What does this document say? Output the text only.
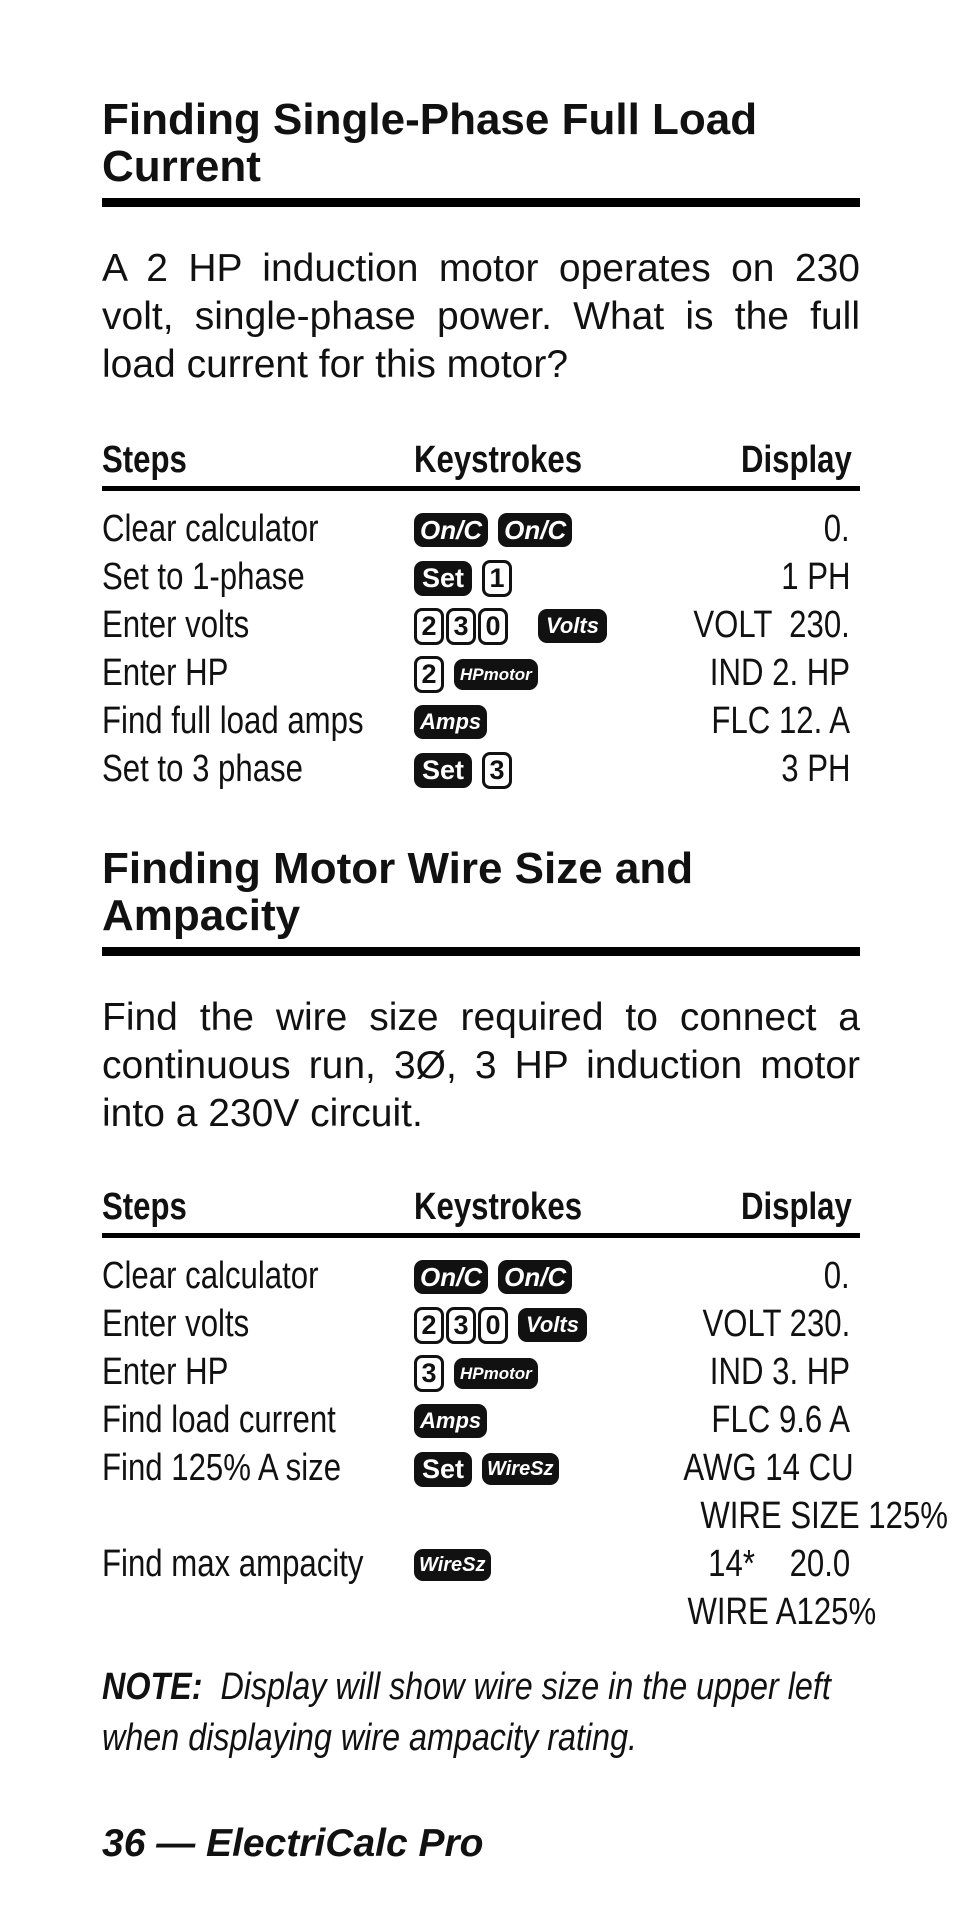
Finding Single-Phase Full Load Current

A 2 HP induction motor operates on 230 volt, single-phase power. What is the full load current for this motor?

Steps	Keystrokes	Display
Clear calculator	On/C On/C	0.
Set to 1-phase	Set 1	1 PH
Enter volts	2 3 0 Volts	VOLT  230.
Enter HP	2 HPmotor	IND 2. HP
Find full load amps	Amps	FLC 12. A
Set to 3 phase	Set 3	3 PH
Finding Motor Wire Size and Ampacity

Find the wire size required to connect a continuous run, 3Ø, 3 HP induction motor into a 230V circuit.

Steps	Keystrokes	Display
Clear calculator	On/C On/C	0.
Enter volts	2 3 0 Volts	VOLT 230.
Enter HP	3 HPmotor	IND 3. HP
Find load current	Amps	FLC 9.6 A
Find 125% A size	Set WireSz	AWG 14 CU
		WIRE SIZE 125%
Find max ampacity	WireSz	14*    20.0
		WIRE A125%

NOTE: Display will show wire size in the upper left when displaying wire ampacity rating.

36 — ElectriCalc Pro
